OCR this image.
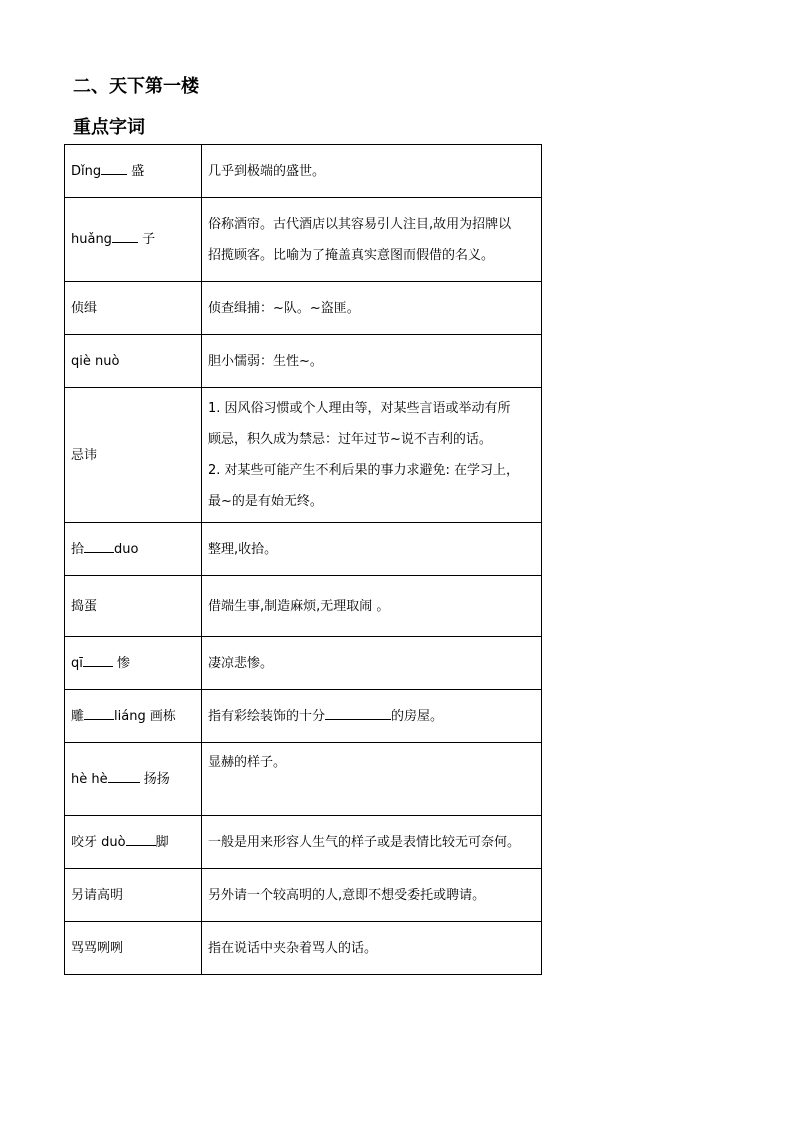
二、天下第一楼
重点字词
Dǐng 盛	几乎到极端的盛世。
huǎng 子	俗称酒帘。古代酒店以其容易引人注目,故用为招牌以
招揽顾客。比喻为了掩盖真实意图而假借的名义。

侦缉	侦查缉捕：~队。~盗匪。
qiè nuò	胆小懦弱：生性~。
忌讳	1. 因风俗习惯或个人理由等，对某些言语或举动有所
顾忌，积久成为禁忌：过年过节~说不吉利的话。
2. 对某些可能产生不利后果的事力求避免: 在学习上，
最~的是有始无终。

拾 duo	整理,收拾。
捣蛋	借端生事,制造麻烦,无理取闹 。
qī 惨	凄凉悲惨。
雕 liáng 画栋	指有彩绘装饰的十分 的房屋。
hè hè 扬扬	显赫的样子。
咬牙 duò 脚	一般是用来形容人生气的样子或是表情比较无可奈何。
另请高明	另外请一个较高明的人,意即不想受委托或聘请。
骂骂咧咧	指在说话中夹杂着骂人的话。
